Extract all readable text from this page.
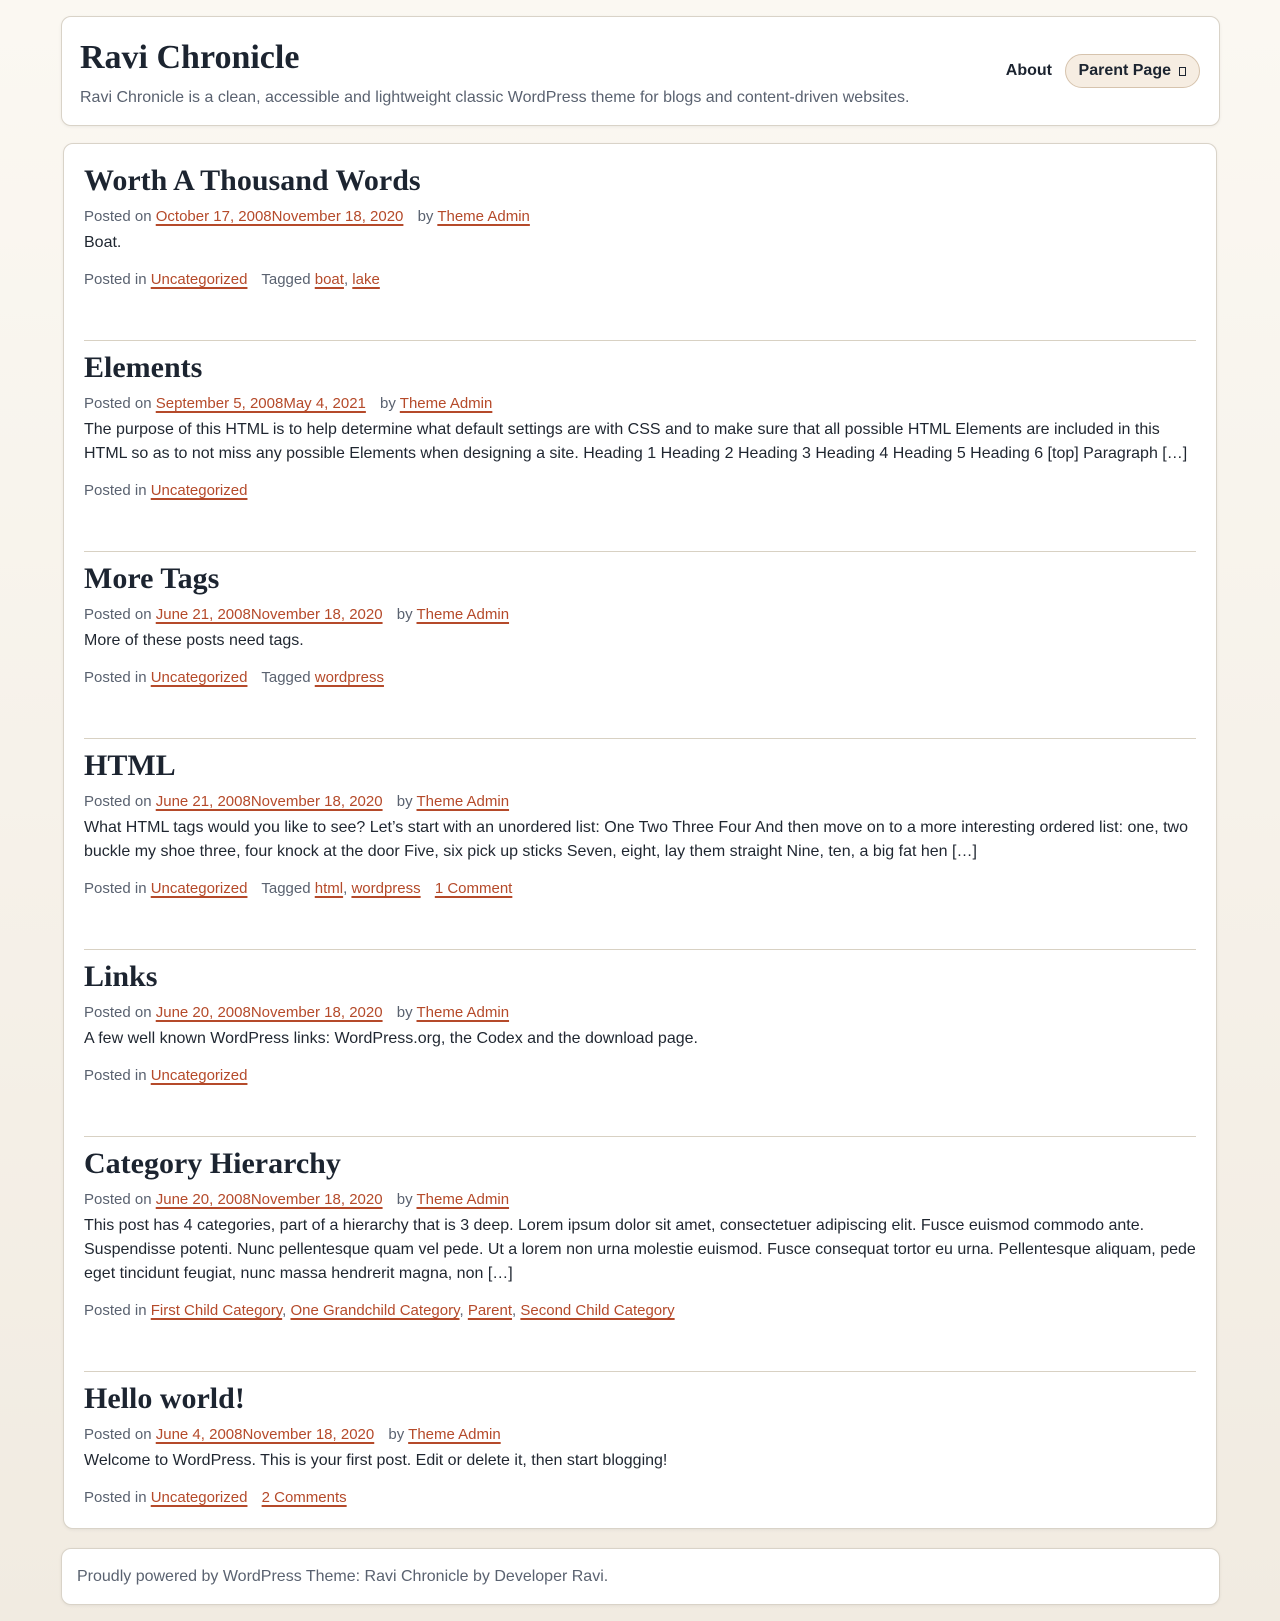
Ravi Chronicle
Ravi Chronicle is a clean, accessible and lightweight classic WordPress theme for blogs and content-driven websites.
About Parent Page
Worth A Thousand Words
Posted on October 17, 2008November 18, 2020 by Theme Admin

Boat.

Posted in Uncategorized Tagged boat, lake
Elements
Posted on September 5, 2008May 4, 2021 by Theme Admin

The purpose of this HTML is to help determine what default settings are with CSS and to make sure that all possible HTML Elements are included in this HTML so as to not miss any possible Elements when designing a site. Heading 1 Heading 2 Heading 3 Heading 4 Heading 5 Heading 6 [top] Paragraph […]

Posted in Uncategorized
More Tags
Posted on June 21, 2008November 18, 2020 by Theme Admin

More of these posts need tags.

Posted in Uncategorized Tagged wordpress
HTML
Posted on June 21, 2008November 18, 2020 by Theme Admin

What HTML tags would you like to see? Let’s start with an unordered list: One Two Three Four And then move on to a more interesting ordered list: one, two buckle my shoe three, four knock at the door Five, six pick up sticks Seven, eight, lay them straight Nine, ten, a big fat hen […]

Posted in Uncategorized Tagged html, wordpress 1 Comment
Links
Posted on June 20, 2008November 18, 2020 by Theme Admin

A few well known WordPress links: WordPress.org, the Codex and the download page.

Posted in Uncategorized
Category Hierarchy
Posted on June 20, 2008November 18, 2020 by Theme Admin

This post has 4 categories, part of a hierarchy that is 3 deep. Lorem ipsum dolor sit amet, consectetuer adipiscing elit. Fusce euismod commodo ante. Suspendisse potenti. Nunc pellentesque quam vel pede. Ut a lorem non urna molestie euismod. Fusce consequat tortor eu urna. Pellentesque aliquam, pede eget tincidunt feugiat, nunc massa hendrerit magna, non […]

Posted in First Child Category, One Grandchild Category, Parent, Second Child Category
Hello world!
Posted on June 4, 2008November 18, 2020 by Theme Admin

Welcome to WordPress. This is your first post. Edit or delete it, then start blogging!

Posted in Uncategorized 2 Comments
Proudly powered by WordPress Theme: Ravi Chronicle by Developer Ravi.
